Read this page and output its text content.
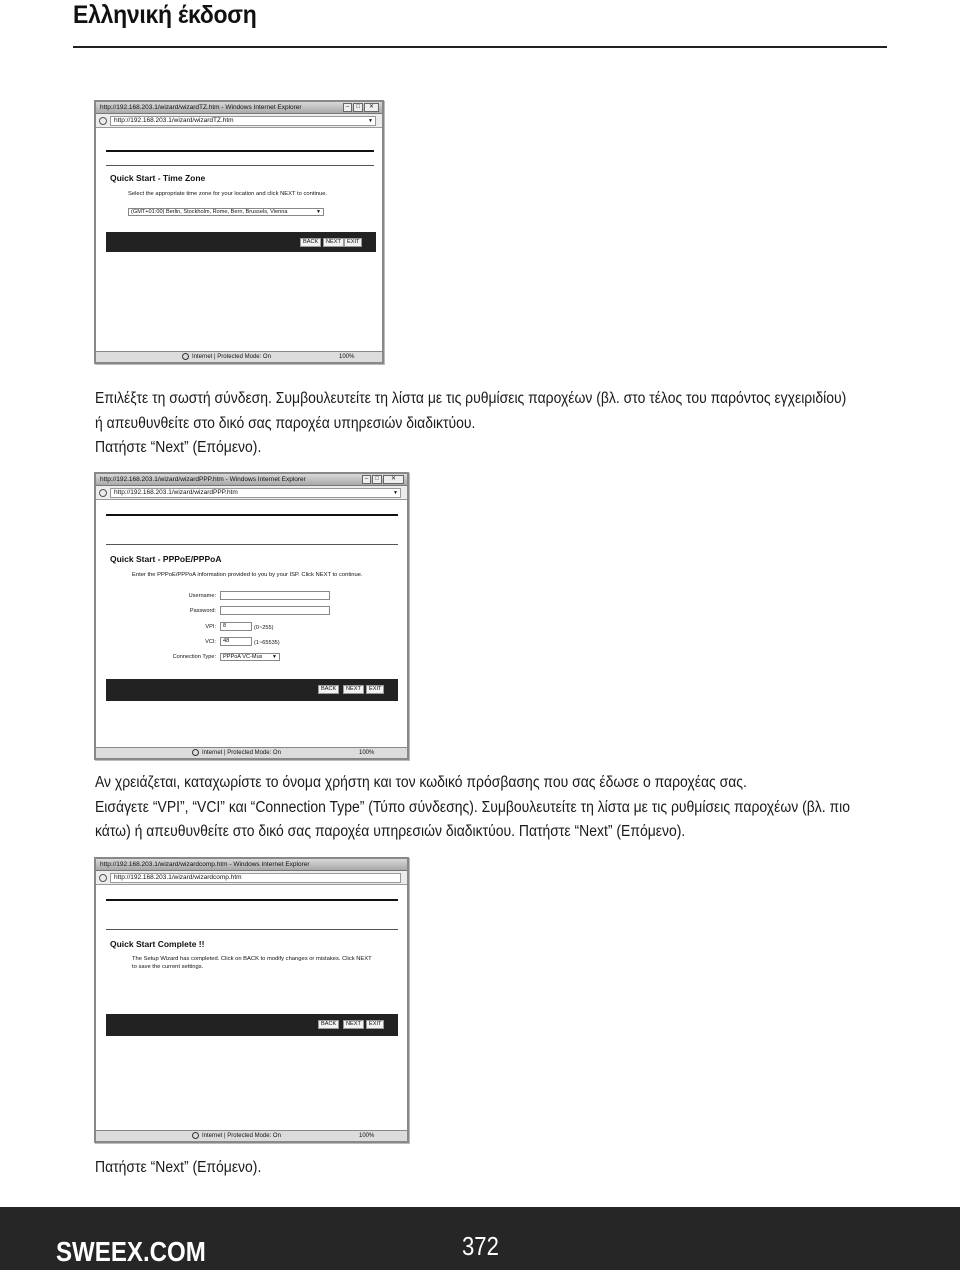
Ελληνική έκδοση
http://192.168.203.1/wizard/wizardTZ.htm - Windows Internet Explorer	–	□	✕
http://192.168.203.1/wizard/wizardTZ.htm	▼
Quick Start - Time Zone
Select the appropriate time zone for your location and click NEXT to continue.
(GMT+01:00) Berlin, Stockholm, Rome, Bern, Brussels, Vienna	▼
BACK	NEXT	EXIT
Internet | Protected Mode: On	100%
Επιλέξτε τη σωστή σύνδεση. Συμβουλευτείτε τη λίστα με τις ρυθμίσεις παροχέων (βλ. στο τέλος του παρόντος εγχειριδίου)
ή απευθυνθείτε στο δικό σας παροχέα υπηρεσιών διαδικτύου.
Πατήστε “Next” (Επόμενο).
http://192.168.203.1/wizard/wizardPPP.htm - Windows Internet Explorer	–	□	✕
http://192.168.203.1/wizard/wizardPPP.htm	▼
Quick Start - PPPoE/PPPoA
Enter the PPPoE/PPPoA information provided to you by your ISP. Click NEXT to continue.
Username:
Password:
VPI:	8	(0~255)
VCI:	48	(1~65535)
Connection Type:	PPPoA VC-Mux ▼
BACK	NEXT	EXIT
Internet | Protected Mode: On	100%
Αν χρειάζεται, καταχωρίστε το όνομα χρήστη και τον κωδικό πρόσβασης που σας έδωσε ο παροχέας σας.
Εισάγετε “VPI”, “VCI” και “Connection Type” (Τύπο σύνδεσης). Συμβουλευτείτε τη λίστα με τις ρυθμίσεις παροχέων (βλ. πιο
κάτω) ή απευθυνθείτε στο δικό σας παροχέα υπηρεσιών διαδικτύου. Πατήστε “Next” (Επόμενο).
http://192.168.203.1/wizard/wizardcomp.htm - Windows Internet Explorer
http://192.168.203.1/wizard/wizardcomp.htm
Quick Start Complete !!
The Setup Wizard has completed. Click on BACK to modify changes or mistakes. Click NEXT
to save the current settings.
BACK	NEXT	EXIT
Internet | Protected Mode: On	100%
Πατήστε “Next” (Επόμενο).
SWEEX.COM	372
